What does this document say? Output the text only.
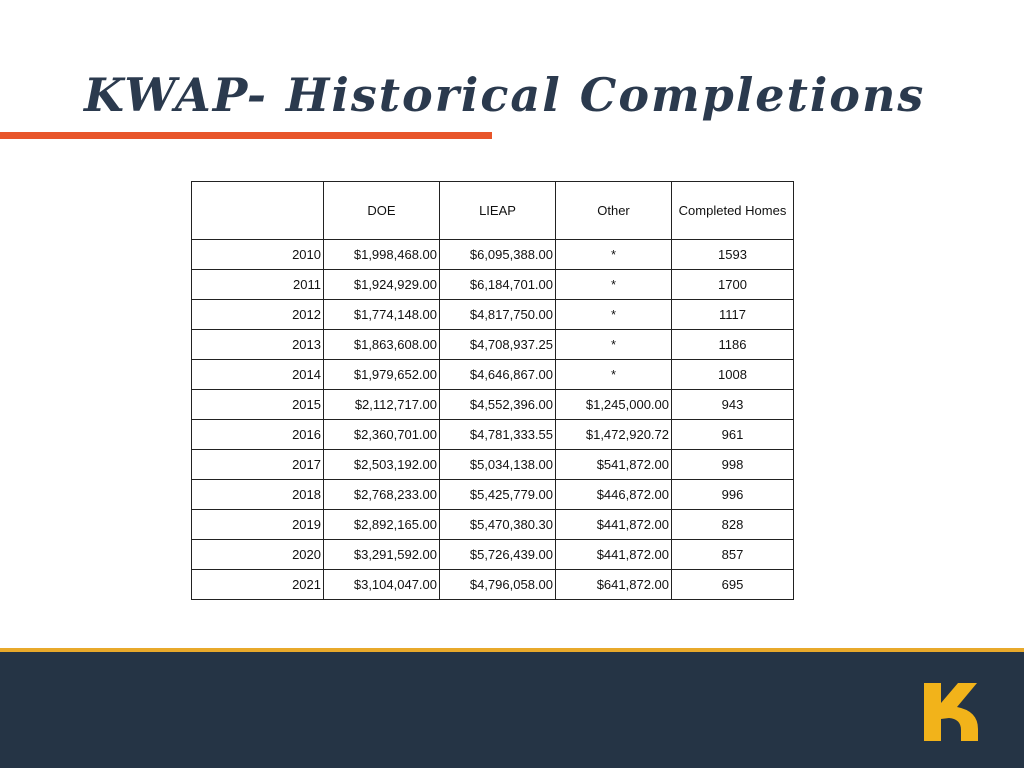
KWAP- Historical Completions
	DOE	LIEAP	Other	Completed Homes
2010	$1,998,468.00	$6,095,388.00	*	1593
2011	$1,924,929.00	$6,184,701.00	*	1700
2012	$1,774,148.00	$4,817,750.00	*	1117
2013	$1,863,608.00	$4,708,937.25	*	1186
2014	$1,979,652.00	$4,646,867.00	*	1008
2015	$2,112,717.00	$4,552,396.00	$1,245,000.00	943
2016	$2,360,701.00	$4,781,333.55	$1,472,920.72	961
2017	$2,503,192.00	$5,034,138.00	$541,872.00	998
2018	$2,768,233.00	$5,425,779.00	$446,872.00	996
2019	$2,892,165.00	$5,470,380.30	$441,872.00	828
2020	$3,291,592.00	$5,726,439.00	$441,872.00	857
2021	$3,104,047.00	$4,796,058.00	$641,872.00	695
